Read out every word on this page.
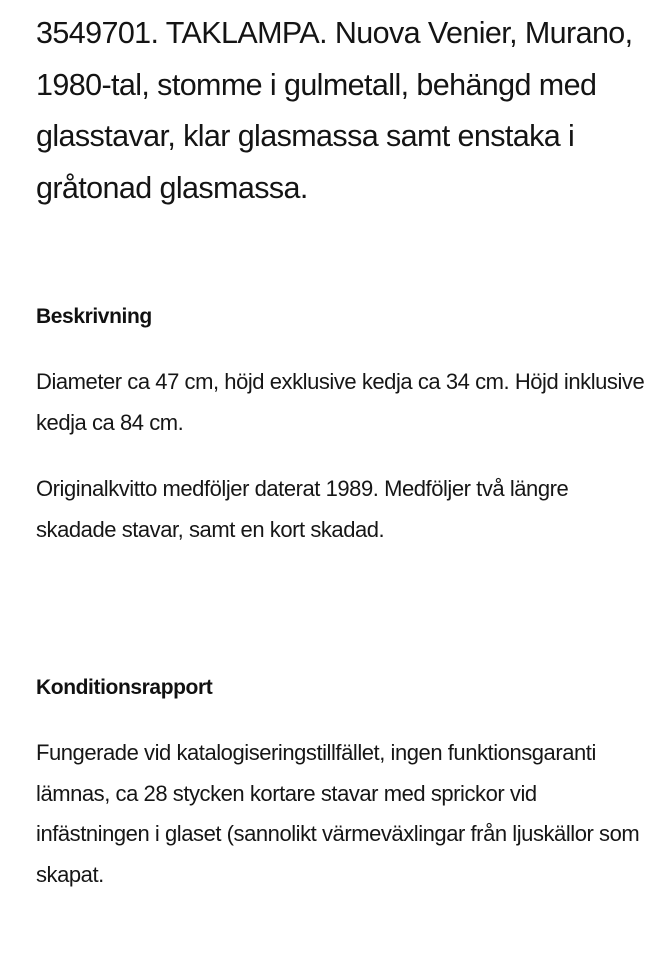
3549701. TAKLAMPA. Nuova Venier, Murano, 1980-tal, stomme i gulmetall, behängd med glasstavar, klar glasmassa samt enstaka i gråtonad glasmassa.
Beskrivning

Diameter ca 47 cm, höjd exklusive kedja ca 34 cm. Höjd inklusive kedja ca 84 cm.

Originalkvitto medföljer daterat 1989. Medföljer två längre skadade stavar, samt en kort skadad.

Konditionsrapport

Fungerade vid katalogiseringstillfället, ingen funktionsgaranti lämnas, ca 28 stycken kortare stavar med sprickor vid infästningen i glaset (sannolikt värmeväxlingar från ljuskällor som skapat.
